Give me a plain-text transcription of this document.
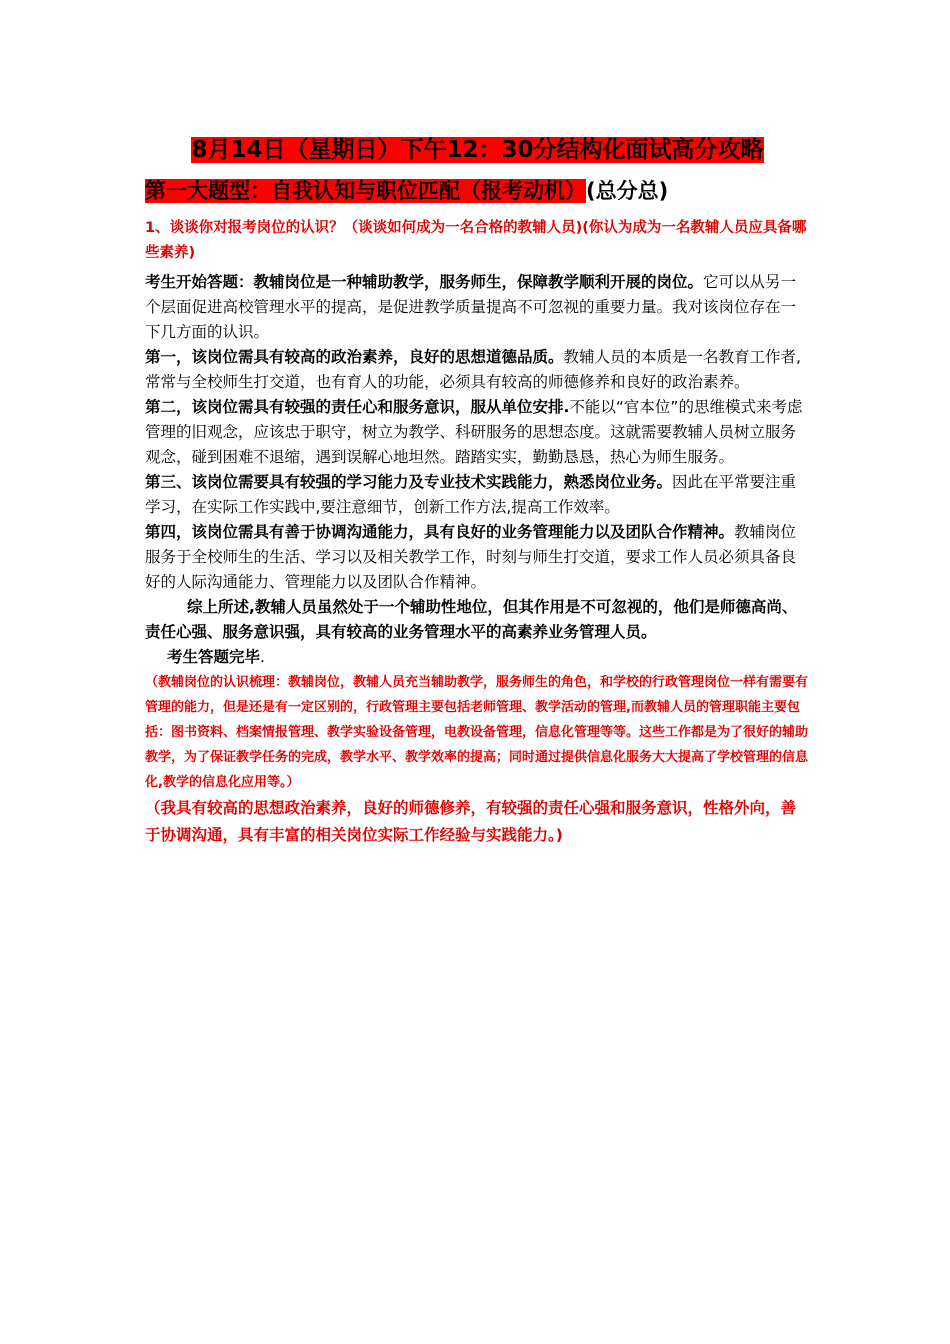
8月14日（星期日）下午12：30分结构化面试高分攻略

第一大题型：自我认知与职位匹配（报考动机）(总分总)

1、谈谈你对报考岗位的认识？（谈谈如何成为一名合格的教辅人员)(你认为成为一名教辅人员应具备哪些素养)

考生开始答题：教辅岗位是一种辅助教学，服务师生，保障教学顺利开展的岗位。它可以从另一个层面促进高校管理水平的提高，是促进教学质量提高不可忽视的重要力量。我对该岗位存在一下几方面的认识。

第一，该岗位需具有较高的政治素养，良好的思想道德品质。教辅人员的本质是一名教育工作者,常常与全校师生打交道，也有育人的功能，必须具有较高的师德修养和良好的政治素养。

第二，该岗位需具有较强的责任心和服务意识，服从单位安排.不能以“官本位”的思维模式来考虑管理的旧观念，应该忠于职守，树立为教学、科研服务的思想态度。这就需要教辅人员树立服务观念，碰到困难不退缩，遇到误解心地坦然。踏踏实实，勤勤恳恳，热心为师生服务。

第三、该岗位需要具有较强的学习能力及专业技术实践能力，熟悉岗位业务。因此在平常要注重学习，在实际工作实践中,要注意细节，创新工作方法,提高工作效率。

第四，该岗位需具有善于协调沟通能力，具有良好的业务管理能力以及团队合作精神。教辅岗位服务于全校师生的生活、学习以及相关教学工作，时刻与师生打交道，要求工作人员必须具备良好的人际沟通能力、管理能力以及团队合作精神。

综上所述,教辅人员虽然处于一个辅助性地位，但其作用是不可忽视的，他们是师德高尚、责任心强、服务意识强，具有较高的业务管理水平的高素养业务管理人员。

考生答题完毕.

（教辅岗位的认识梳理：教辅岗位，教辅人员充当辅助教学，服务师生的角色，和学校的行政管理岗位一样有需要有管理的能力，但是还是有一定区别的，行政管理主要包括老师管理、教学活动的管理,而教辅人员的管理职能主要包括：图书资料、档案情报管理、教学实验设备管理，电教设备管理，信息化管理等等。这些工作都是为了很好的辅助教学，为了保证教学任务的完成，教学水平、教学效率的提高；同时通过提供信息化服务大大提高了学校管理的信息化,教学的信息化应用等。）

（我具有较高的思想政治素养，良好的师德修养，有较强的责任心强和服务意识，性格外向，善于协调沟通，具有丰富的相关岗位实际工作经验与实践能力。)
